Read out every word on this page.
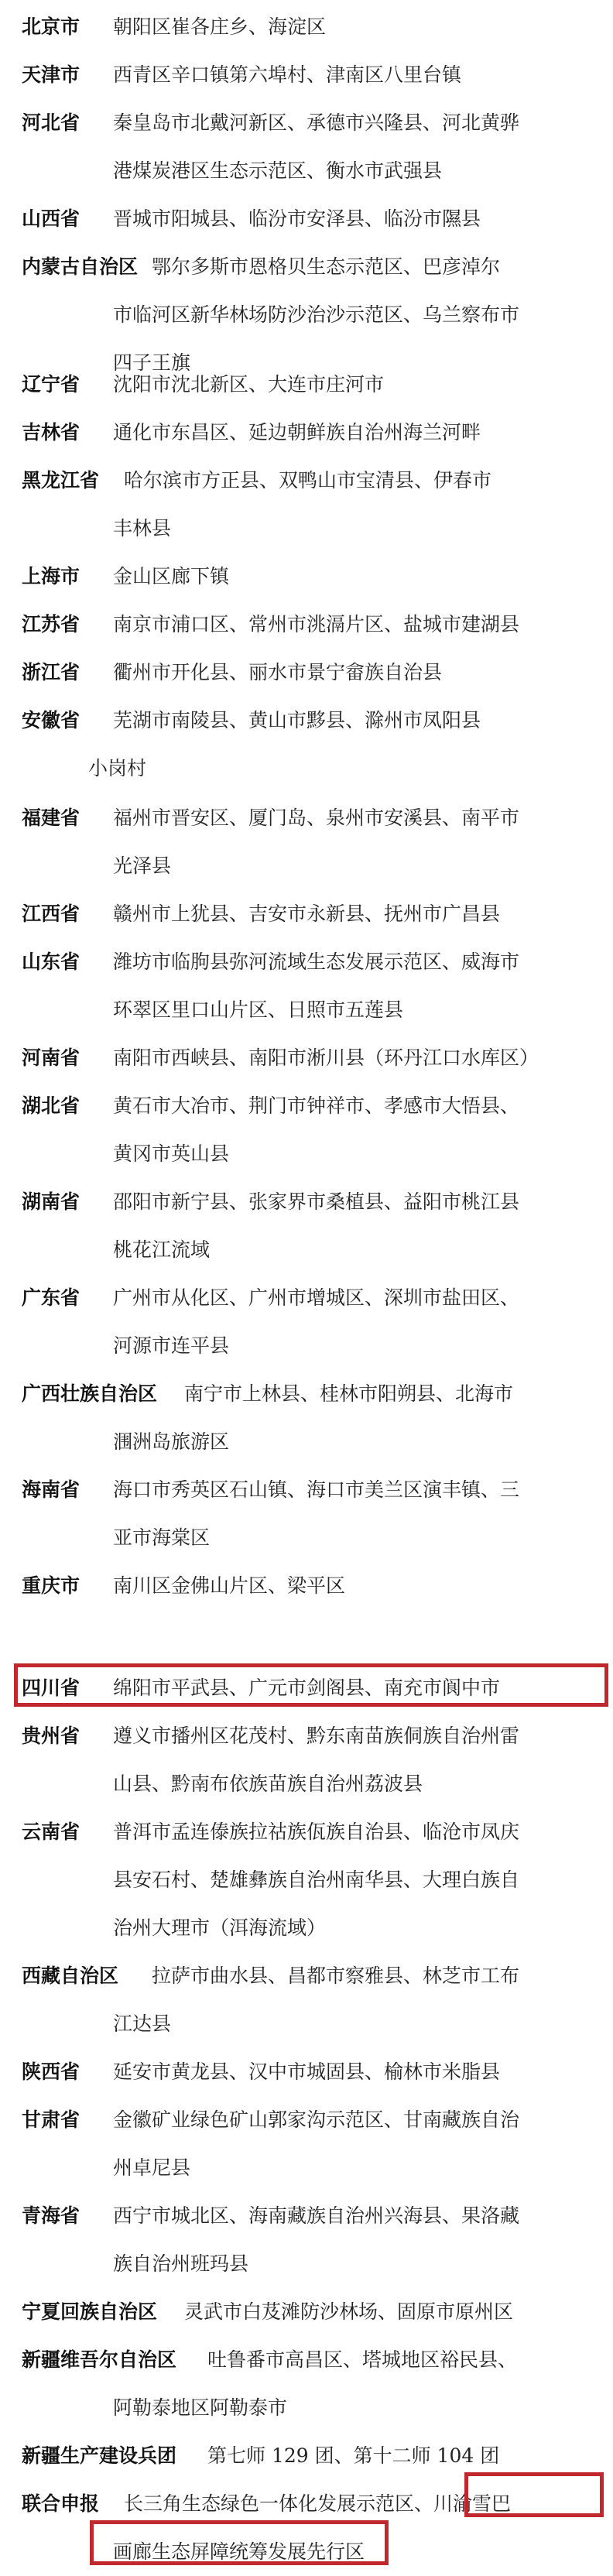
北京市 朝阳区崔各庄乡、海淀区
天津市 西青区辛口镇第六埠村、津南区八里台镇
河北省 秦皇岛市北戴河新区、承德市兴隆县、河北黄骅
港煤炭港区生态示范区、衡水市武强县
山西省 晋城市阳城县、临汾市安泽县、临汾市隰县
内蒙古自治区 鄂尔多斯市恩格贝生态示范区、巴彦淖尔
市临河区新华林场防沙治沙示范区、乌兰察布市
四子王旗
辽宁省 沈阳市沈北新区、大连市庄河市
吉林省 通化市东昌区、延边朝鲜族自治州海兰河畔
黑龙江省 哈尔滨市方正县、双鸭山市宝清县、伊春市
丰林县
上海市 金山区廊下镇
江苏省 南京市浦口区、常州市洮滆片区、盐城市建湖县
浙江省 衢州市开化县、丽水市景宁畲族自治县
安徽省 芜湖市南陵县、黄山市黟县、滁州市凤阳县
小岗村
福建省 福州市晋安区、厦门岛、泉州市安溪县、南平市
光泽县
江西省 赣州市上犹县、吉安市永新县、抚州市广昌县
山东省 潍坊市临朐县弥河流域生态发展示范区、威海市
环翠区里口山片区、日照市五莲县
河南省 南阳市西峡县、南阳市淅川县（环丹江口水库区）
湖北省 黄石市大冶市、荆门市钟祥市、孝感市大悟县、
黄冈市英山县
湖南省 邵阳市新宁县、张家界市桑植县、益阳市桃江县
桃花江流域
广东省 广州市从化区、广州市增城区、深圳市盐田区、
河源市连平县
广西壮族自治区 南宁市上林县、桂林市阳朔县、北海市
涠洲岛旅游区
海南省 海口市秀英区石山镇、海口市美兰区演丰镇、三
亚市海棠区
重庆市 南川区金佛山片区、梁平区
四川省 绵阳市平武县、广元市剑阁县、南充市阆中市
贵州省 遵义市播州区花茂村、黔东南苗族侗族自治州雷
山县、黔南布依族苗族自治州荔波县
云南省 普洱市孟连傣族拉祜族佤族自治县、临沧市凤庆
县安石村、楚雄彝族自治州南华县、大理白族自
治州大理市（洱海流域）
西藏自治区 拉萨市曲水县、昌都市察雅县、林芝市工布
江达县
陕西省 延安市黄龙县、汉中市城固县、榆林市米脂县
甘肃省 金徽矿业绿色矿山郭家沟示范区、甘南藏族自治
州卓尼县
青海省 西宁市城北区、海南藏族自治州兴海县、果洛藏
族自治州班玛县
宁夏回族自治区 灵武市白芨滩防沙林场、固原市原州区
新疆维吾尔自治区 吐鲁番市高昌区、塔城地区裕民县、
阿勒泰地区阿勒泰市
新疆生产建设兵团 第七师 129 团、第十二师 104 团
联合申报 长三角生态绿色一体化发展示范区、川渝雪巴
画廊生态屏障统筹发展先行区
